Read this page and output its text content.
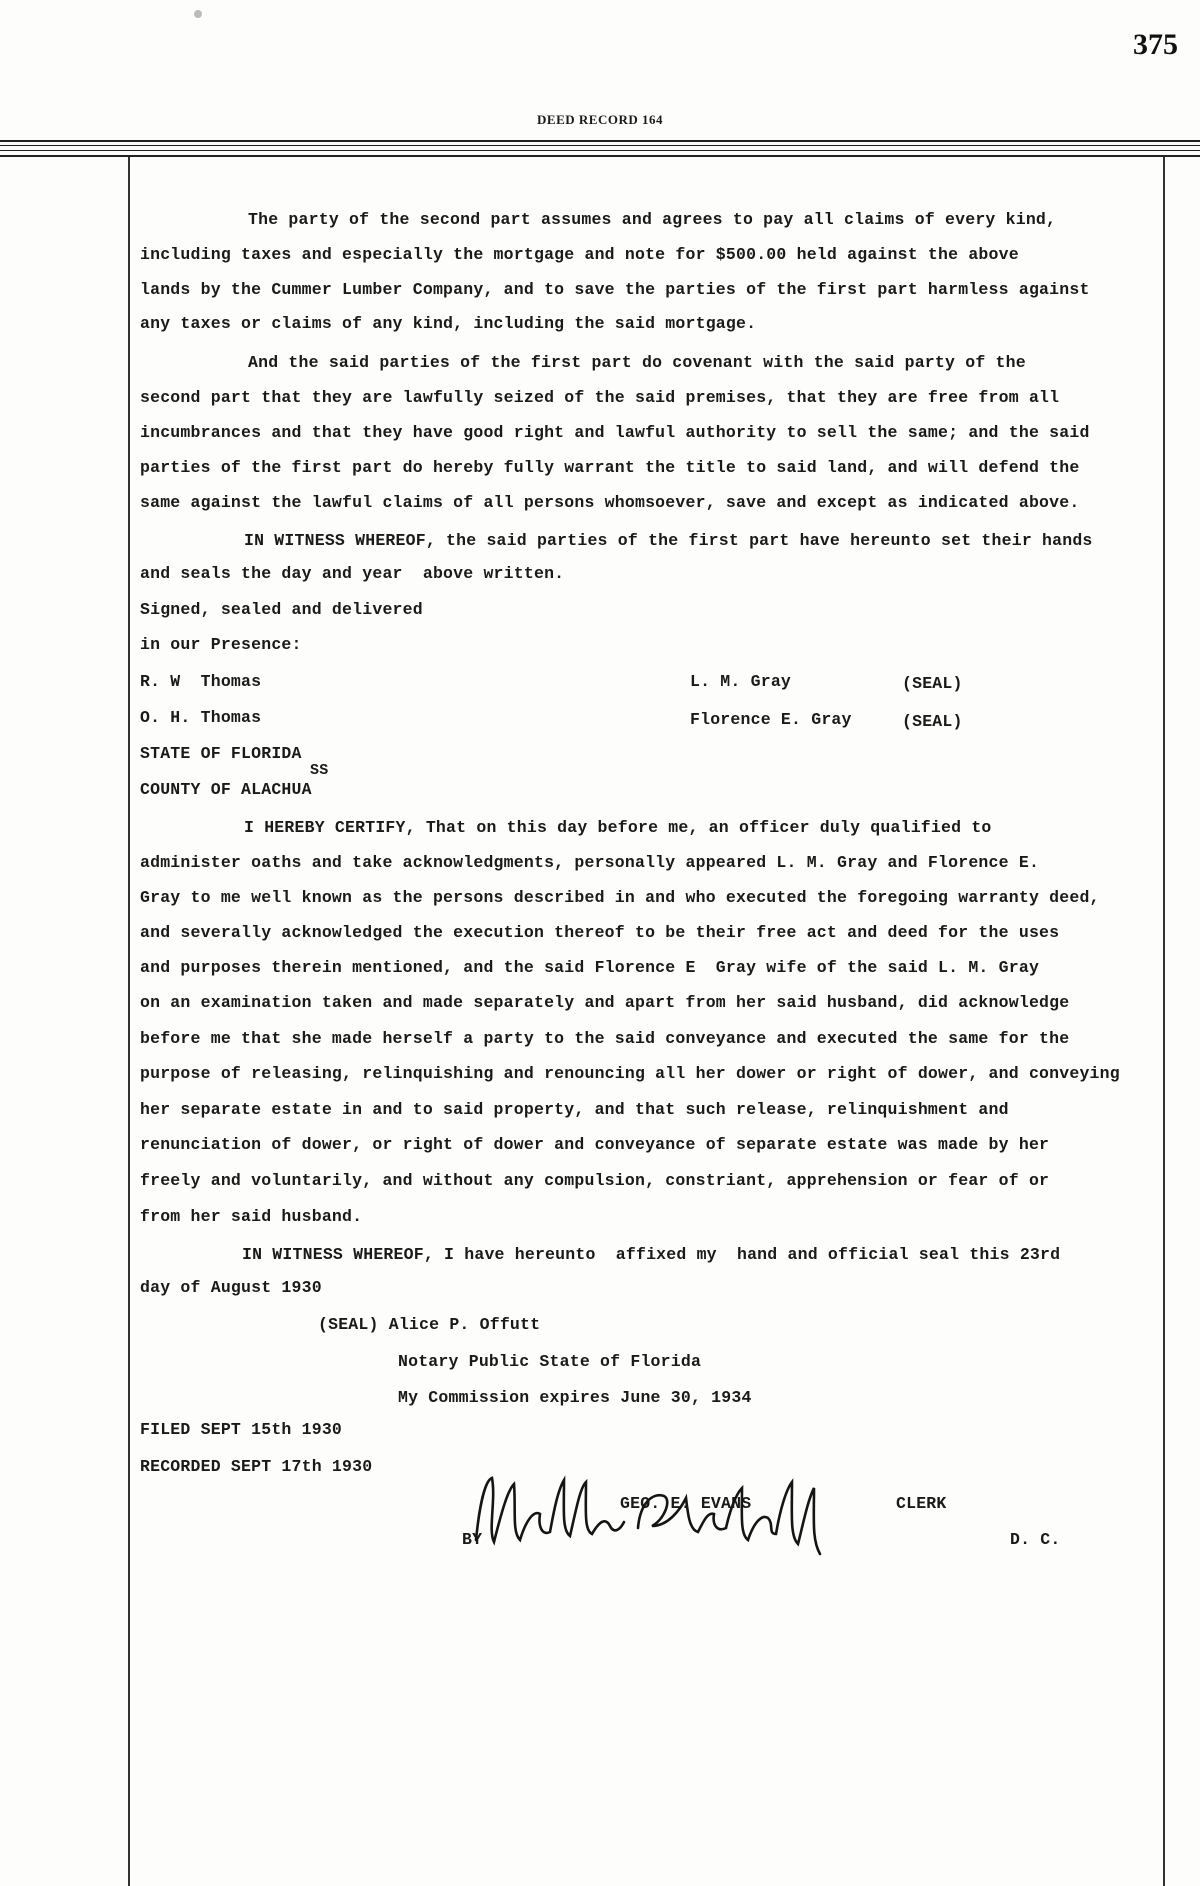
375
DEED RECORD 164
The party of the second part assumes and agrees to pay all claims of every kind,
including taxes and especially the mortgage and note for $500.00 held against the above
lands by the Cummer Lumber Company, and to save the parties of the first part harmless against
any taxes or claims of any kind, including the said mortgage.
And the said parties of the first part do covenant with the said party of the
second part that they are lawfully seized of the said premises, that they are free from all
incumbrances and that they have good right and lawful authority to sell the same; and the said
parties of the first part do hereby fully warrant the title to said land, and will defend the
same against the lawful claims of all persons whomsoever, save and except as indicated above.
IN WITNESS WHEREOF, the said parties of the first part have hereunto set their hands
and seals the day and year  above written.
Signed, sealed and delivered
in our Presence:
R. W  Thomas	L. M. Gray	(SEAL)
O. H. Thomas	Florence E. Gray	(SEAL)
STATE OF FLORIDA
SS
COUNTY OF ALACHUA
I HEREBY CERTIFY, That on this day before me, an officer duly qualified to
administer oaths and take acknowledgments, personally appeared L. M. Gray and Florence E.
Gray to me well known as the persons described in and who executed the foregoing warranty deed,
and severally acknowledged the execution thereof to be their free act and deed for the uses
and purposes therein mentioned, and the said Florence E  Gray wife of the said L. M. Gray
on an examination taken and made separately and apart from her said husband, did acknowledge
before me that she made herself a party to the said conveyance and executed the same for the
purpose of releasing, relinquishing and renouncing all her dower or right of dower, and conveying
her separate estate in and to said property, and that such release, relinquishment and
renunciation of dower, or right of dower and conveyance of separate estate was made by her
freely and voluntarily, and without any compulsion, constriant, apprehension or fear of or
from her said husband.
IN WITNESS WHEREOF, I have hereunto  affixed my  hand and official seal this 23rd
day of August 1930
(SEAL) Alice P. Offutt
Notary Public State of Florida
My Commission expires June 30, 1934
FILED SEPT 15th 1930
RECORDED SEPT 17th 1930
GEO. E. EVANS	CLERK
BY	D. C.
